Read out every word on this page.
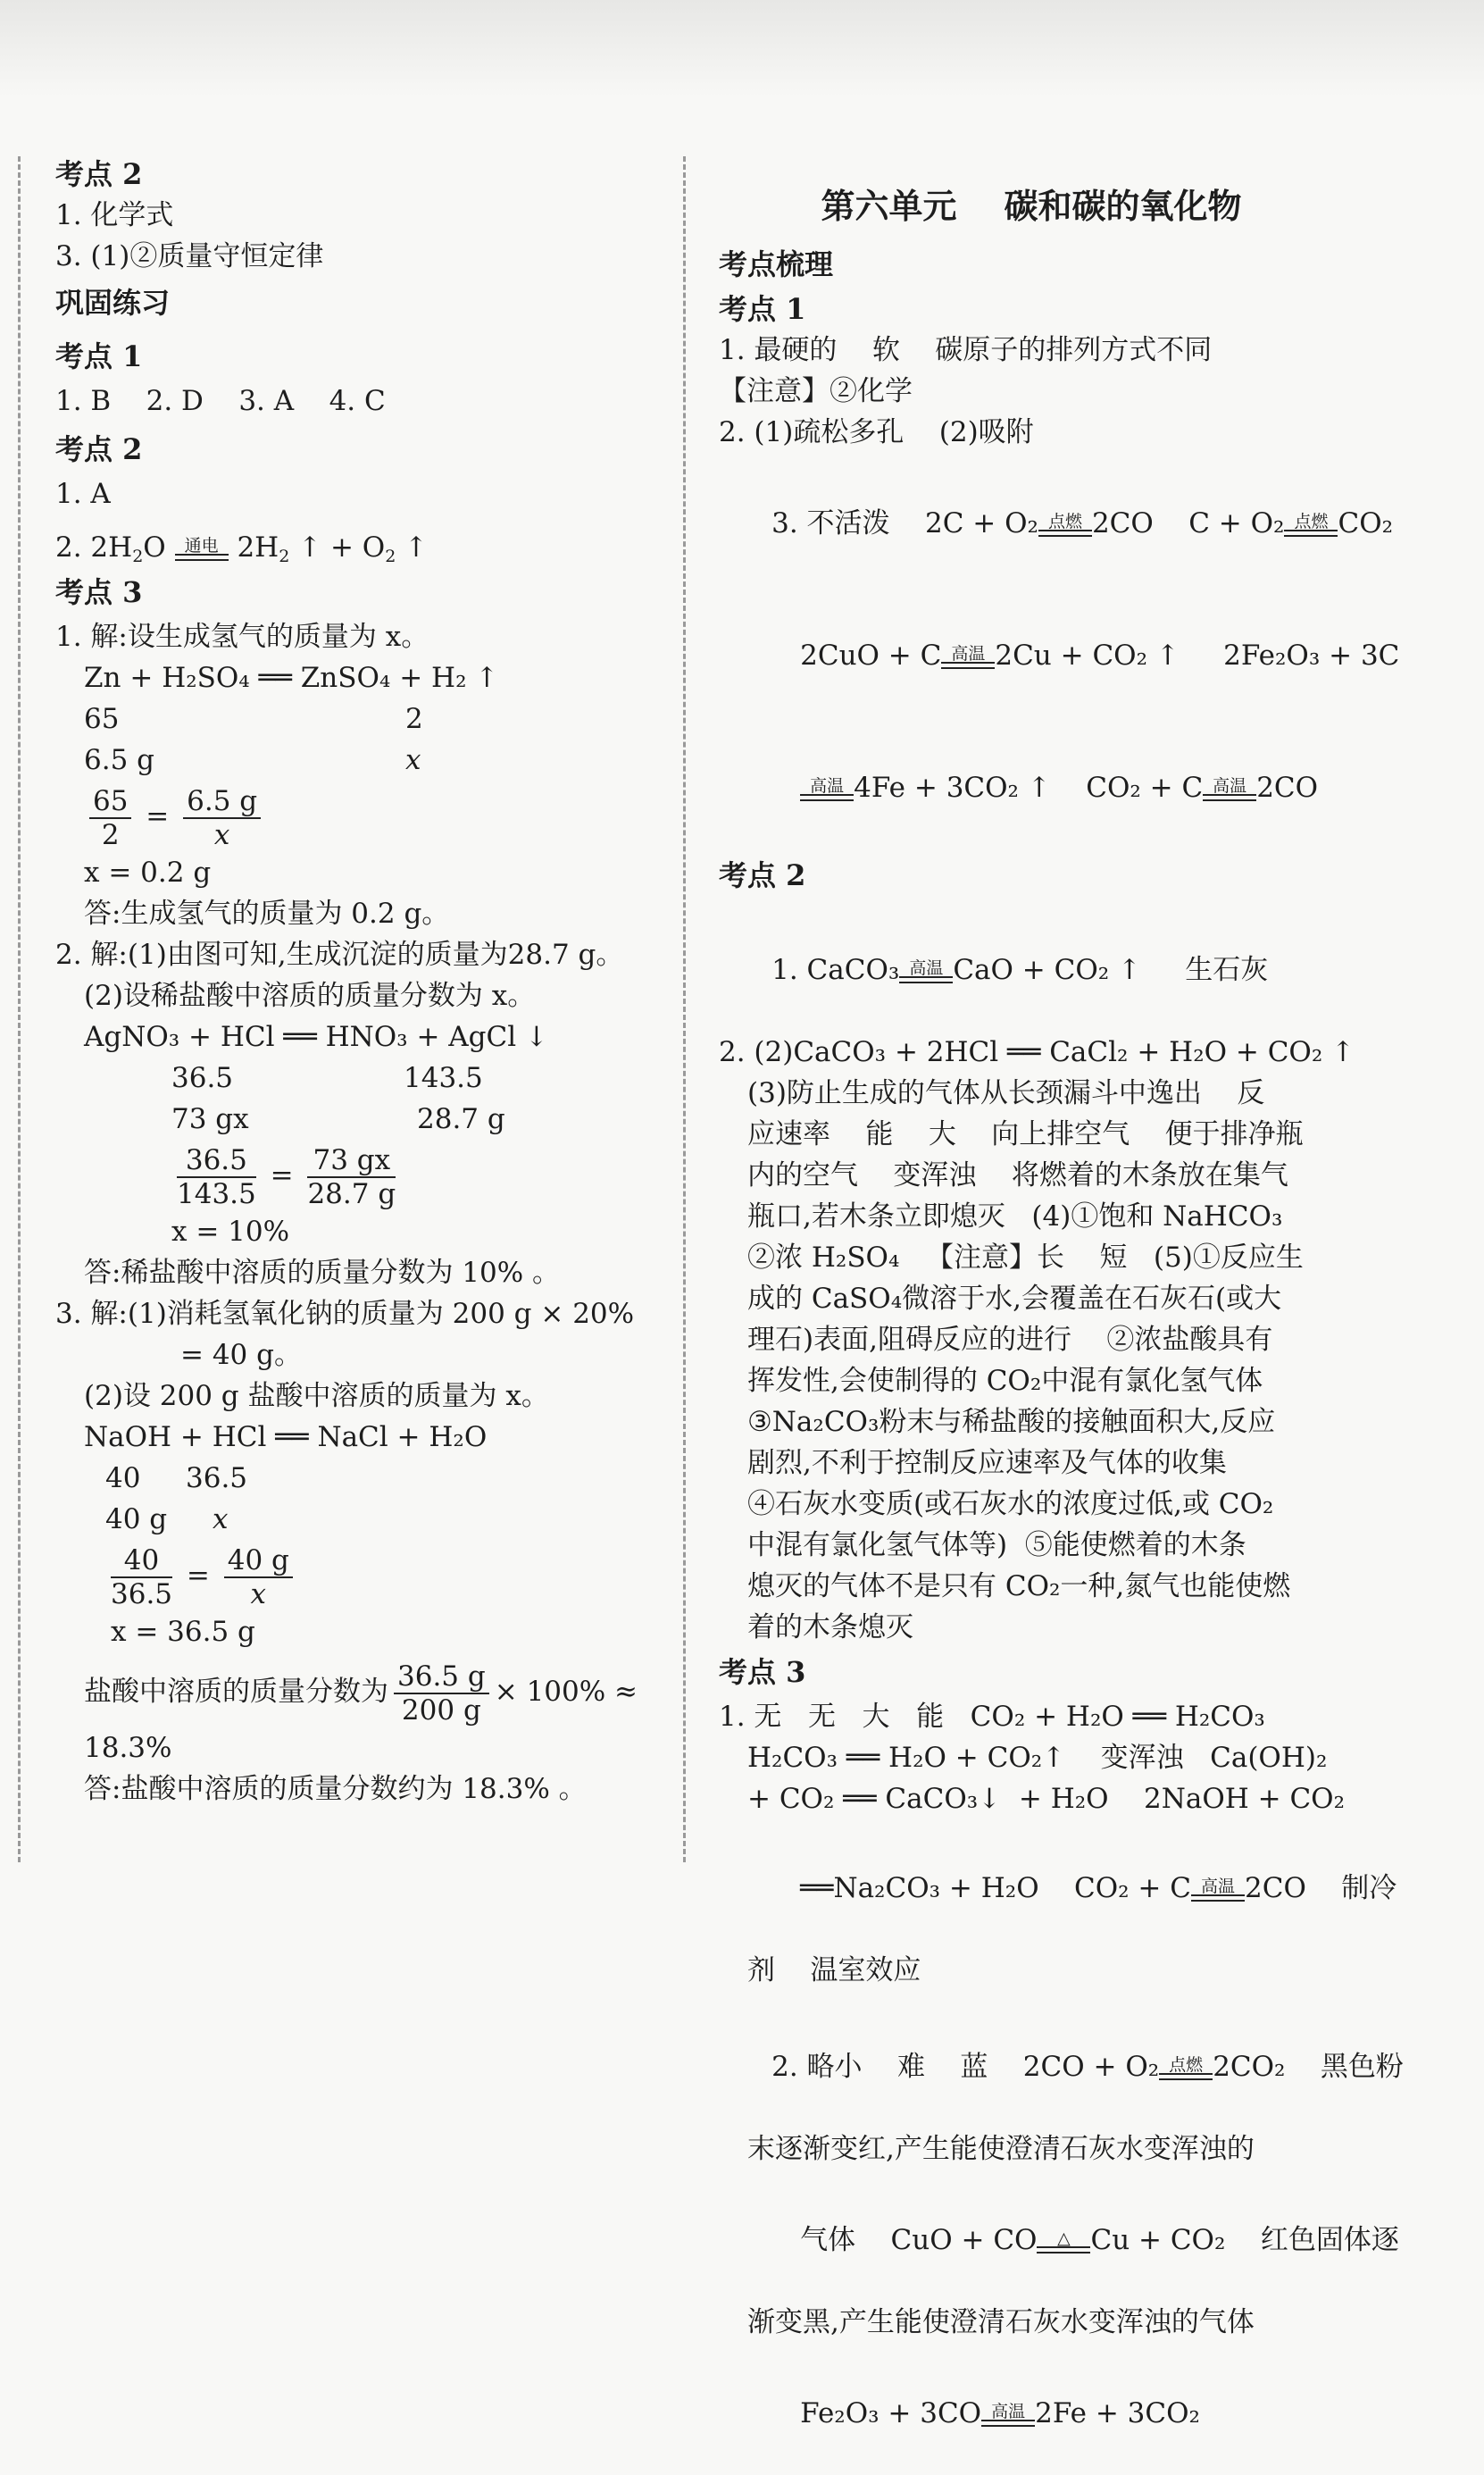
考点 2
1. 化学式
3. (1)②质量守恒定律
巩固练习
考点 1
1. B    2. D    3. A    4. C
考点 2
1. A
2. $2H_2O$ 通电 $2H_2$ ↑ + $O_2$ ↑
考点 3
1. 解:设生成氢气的质量为 x。
Zn + H₂SO₄ ══ ZnSO₄ + H₂ ↑
65	2
6.5 g	x
$\frac{65}{2} = \frac{6.5 g}{x}$
x = 0.2 g
答:生成氢气的质量为 0.2 g。
2. 解:(1)由图可知,生成沉淀的质量为28.7 g。
(2)设稀盐酸中溶质的质量分数为 x。
AgNO₃ + HCl ══ HNO₃ + AgCl ↓
36.5	143.5
73 gx	28.7 g
$\frac{36.5}{143.5} = \frac{73 gx}{28.7 g}$
x = 10%
答:稀盐酸中溶质的质量分数为 10% 。
3. 解:(1)消耗氢氧化钠的质量为 200 g × 20%
= 40 g。
(2)设 200 g 盐酸中溶质的质量为 x。
NaOH + HCl ══ NaCl + H₂O
40 36.5
40 g x
$\frac{40}{36.5} = \frac{40 g}{x}$
x = 36.5 g
盐酸中溶质的质量分数为 $\frac{36.5 g}{200 g} \times 100\%$ ≈
18.3%
答:盐酸中溶质的质量分数约为 18.3% 。
第六单元    碳和碳的氧化物
考点梳理
考点 1
1. 最硬的    软    碳原子的排列方式不同
【注意】②化学
2. (1)疏松多孔    (2)吸附

3. 不活泼    2C + O₂ 点燃 2CO    C + O₂ 点燃 CO₂

2CuO + C 高温 2Cu + CO₂ ↑     2Fe₂O₃ + 3C

高温 4Fe + 3CO₂ ↑    CO₂ + C 高温 2CO

考点 2

1. CaCO₃ 高温 CaO + CO₂ ↑     生石灰

2. (2)CaCO₃ + 2HCl ══ CaCl₂ + H₂O + CO₂ ↑
(3)防止生成的气体从长颈漏斗中逸出    反
应速率    能    大    向上排空气    便于排净瓶
内的空气    变浑浊    将燃着的木条放在集气
瓶口,若木条立即熄灭   (4)①饱和 NaHCO₃
②浓 H₂SO₄   【注意】长    短   (5)①反应生
成的 CaSO₄微溶于水,会覆盖在石灰石(或大
理石)表面,阻碍反应的进行    ②浓盐酸具有
挥发性,会使制得的 CO₂中混有氯化氢气体
③Na₂CO₃粉末与稀盐酸的接触面积大,反应
剧烈,不利于控制反应速率及气体的收集
④石灰水变质(或石灰水的浓度过低,或 CO₂
中混有氯化氢气体等)  ⑤能使燃着的木条
熄灭的气体不是只有 CO₂一种,氮气也能使燃
着的木条熄灭
考点 3
1. 无   无   大   能   CO₂ + H₂O ══ H₂CO₃
H₂CO₃ ══ H₂O + CO₂↑    变浑浊   Ca(OH)₂
+ CO₂ ══ CaCO₃↓  + H₂O    2NaOH + CO₂

══Na₂CO₃ + H₂O    CO₂ + C 高温 2CO    制冷

剂    温室效应

2. 略小    难    蓝    2CO + O₂ 点燃 2CO₂    黑色粉

末逐渐变红,产生能使澄清石灰水变浑浊的

气体    CuO + CO	△ Cu + CO₂    红色固体逐

渐变黑,产生能使澄清石灰水变浑浊的气体

Fe₂O₃ + 3CO 高温 2Fe + 3CO₂
